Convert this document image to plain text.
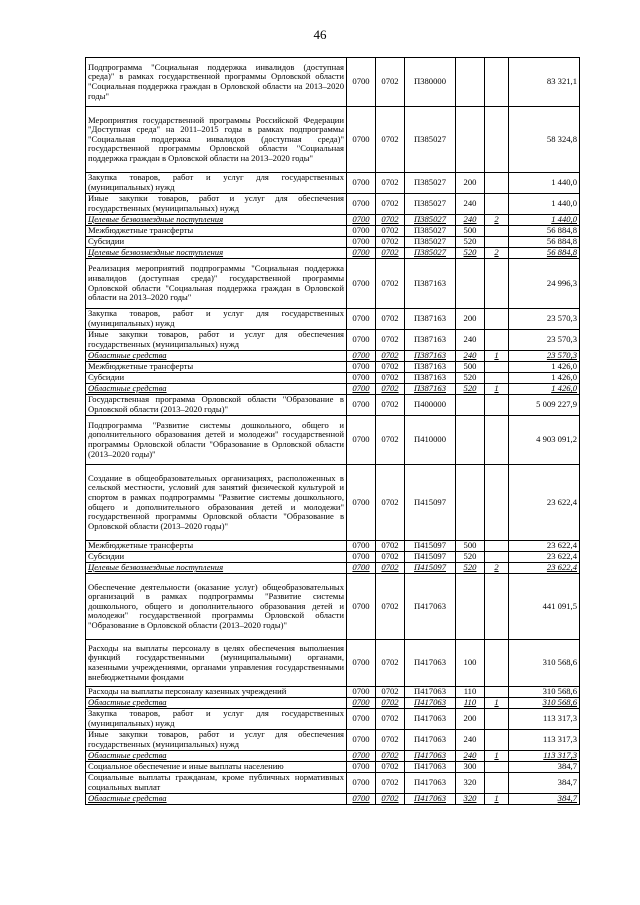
46
Подпрограмма "Социальная поддержка инвалидов (доступная среда)" в рамках государственной программы Орловской области "Социальная поддержка граждан в Орловской области на 2013–2020 годы"	0700	0702	П380000			83 321,1
Мероприятия государственной программы Российской Федерации "Доступная среда" на 2011–2015 годы в рамках подпрограммы "Социальная поддержка инвалидов (доступная среда)" государственной программы Орловской области "Социальная поддержка граждан в Орловской области на 2013–2020 годы"	0700	0702	П385027			58 324,8
Закупка товаров, работ и услуг для государственных (муниципальных) нужд	0700	0702	П385027	200		1 440,0
Иные закупки товаров, работ и услуг для обеспечения государственных (муниципальных) нужд	0700	0702	П385027	240		1 440,0
Целевые безвозмездные поступления	0700	0702	П385027	240	2	1 440,0
Межбюджетные трансферты	0700	0702	П385027	500		56 884,8
Субсидии	0700	0702	П385027	520		56 884,8
Целевые безвозмездные поступления	0700	0702	П385027	520	2	56 884,8
Реализация мероприятий подпрограммы "Социальная поддержка инвалидов (доступная среда)" государственной программы Орловской области "Социальная поддержка граждан в Орловской области на 2013–2020 годы"	0700	0702	П387163			24 996,3
Закупка товаров, работ и услуг для государственных (муниципальных) нужд	0700	0702	П387163	200		23 570,3
Иные закупки товаров, работ и услуг для обеспечения государственных (муниципальных) нужд	0700	0702	П387163	240		23 570,3
Областные средства	0700	0702	П387163	240	1	23 570,3
Межбюджетные трансферты	0700	0702	П387163	500		1 426,0
Субсидии	0700	0702	П387163	520		1 426,0
Областные средства	0700	0702	П387163	520	1	1 426,0
Государственная программа Орловской области "Образование в Орловской области (2013–2020 годы)"	0700	0702	П400000			5 009 227,9
Подпрограмма "Развитие системы дошкольного, общего и дополнительного образования детей и молодежи" государственной программы Орловской области "Образование в Орловской области (2013–2020 годы)"	0700	0702	П410000			4 903 091,2
Создание в общеобразовательных организациях, расположенных в сельской местности, условий для занятий физической культурой и спортом в рамках подпрограммы "Развитие системы дошкольного, общего и дополнительного образования детей и молодежи" государственной программы Орловской области "Образование в Орловской области (2013–2020 годы)"	0700	0702	П415097			23 622,4
Межбюджетные трансферты	0700	0702	П415097	500		23 622,4
Субсидии	0700	0702	П415097	520		23 622,4
Целевые безвозмездные поступления	0700	0702	П415097	520	2	23 622,4
Обеспечение деятельности (оказание услуг) общеобразовательных организаций в рамках подпрограммы "Развитие системы дошкольного, общего и дополнительного образования детей и молодежи" государственной программы Орловской области "Образование в Орловской области (2013–2020 годы)"	0700	0702	П417063			441 091,5
Расходы на выплаты персоналу в целях обеспечения выполнения функций государственными (муниципальными) органами, казенными учреждениями, органами управления государственными внебюджетными фондами	0700	0702	П417063	100		310 568,6
Расходы на выплаты персоналу казенных учреждений	0700	0702	П417063	110		310 568,6
Областные средства	0700	0702	П417063	110	1	310 568,6
Закупка товаров, работ и услуг для государственных (муниципальных) нужд	0700	0702	П417063	200		113 317,3
Иные закупки товаров, работ и услуг для обеспечения государственных (муниципальных) нужд	0700	0702	П417063	240		113 317,3
Областные средства	0700	0702	П417063	240	1	113 317,3
Социальное обеспечение и иные выплаты населению	0700	0702	П417063	300		384,7
Социальные выплаты гражданам, кроме публичных нормативных социальных выплат	0700	0702	П417063	320		384,7
Областные средства	0700	0702	П417063	320	1	384,7
